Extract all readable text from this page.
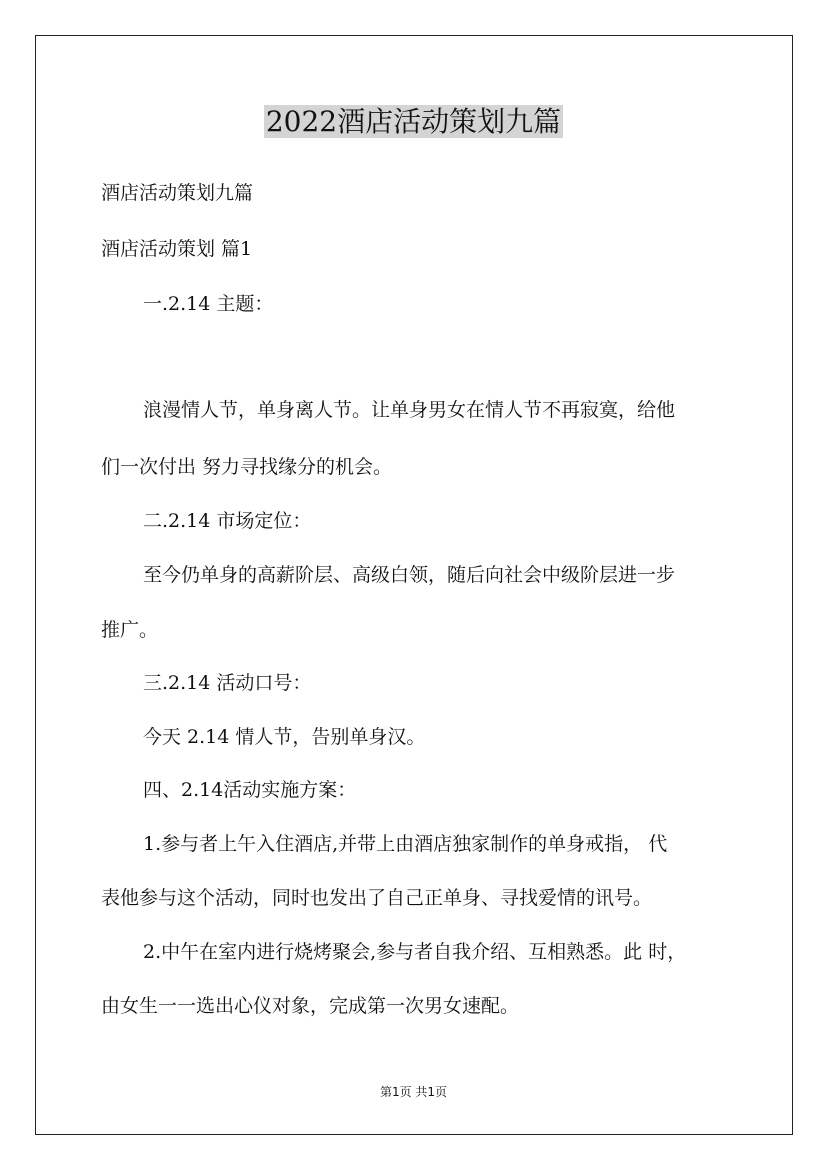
2022酒店活动策划九篇
酒店活动策划九篇
酒店活动策划 篇1
一.2.14 主题：
浪漫情人节，单身离人节。让单身男女在情人节不再寂寞，给他
们一次付出 努力寻找缘分的机会。
二.2.14 市场定位：
至今仍单身的高薪阶层、高级白领，随后向社会中级阶层进一步
推广。
三.2.14 活动口号：
今天 2.14 情人节，告别单身汉。
四、2.14活动实施方案：
1.参与者上午入住酒店,并带上由酒店独家制作的单身戒指， 代
表他参与这个活动，同时也发出了自己正单身、寻找爱情的讯号。
2.中午在室内进行烧烤聚会,参与者自我介绍、互相熟悉。此 时，
由女生一一选出心仪对象，完成第一次男女速配。
第1页 共1页
